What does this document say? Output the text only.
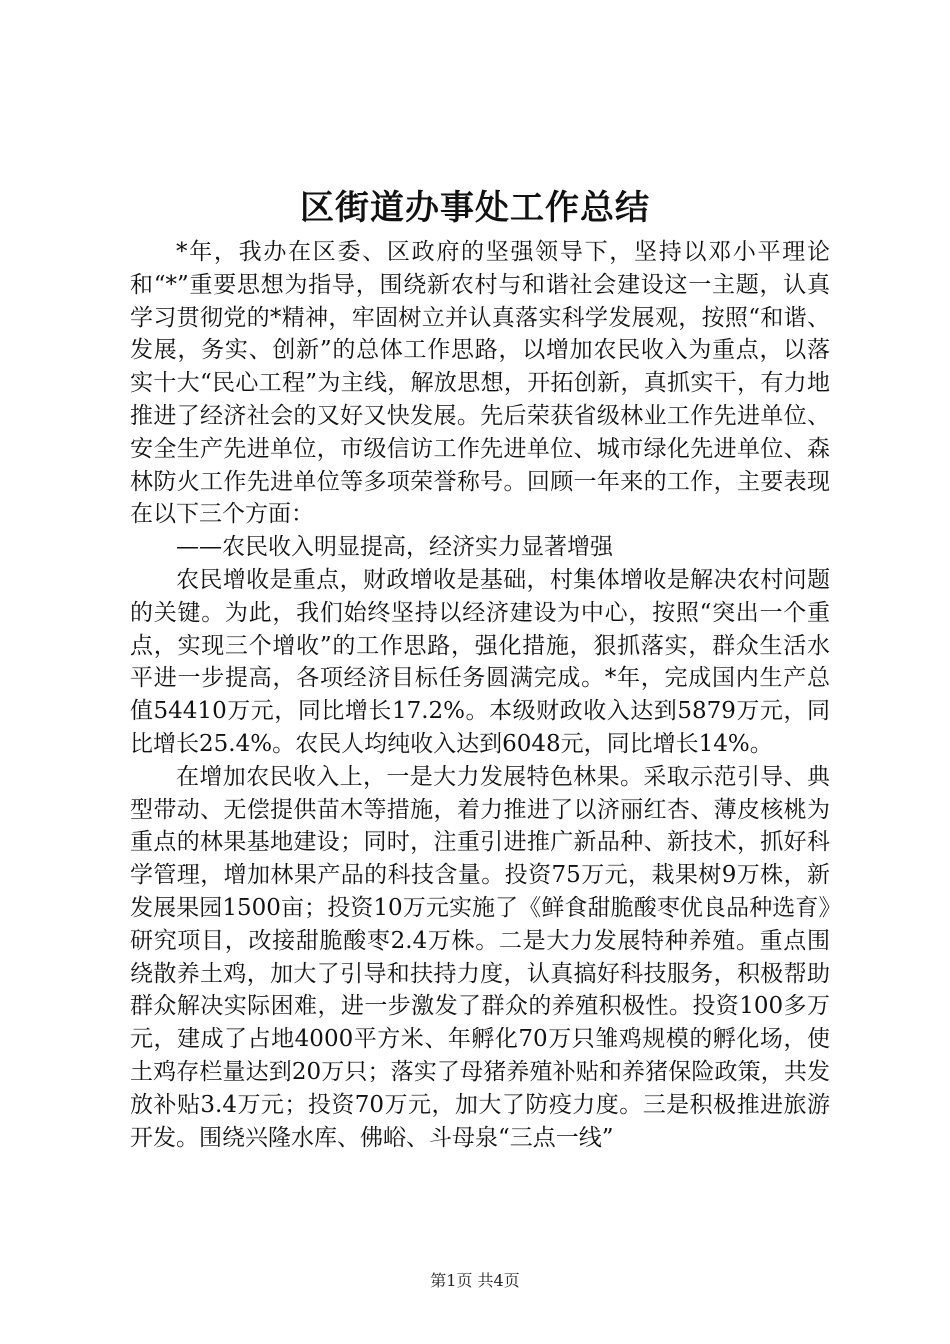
区街道办事处工作总结

*年，我办在区委、区政府的坚强领导下，坚持以邓小平理论和“*”重要思想为指导，围绕新农村与和谐社会建设这一主题，认真学习贯彻党的*精神，牢固树立并认真落实科学发展观，按照“和谐、发展，务实、创新”的总体工作思路，以增加农民收入为重点，以落实十大“民心工程”为主线，解放思想，开拓创新，真抓实干，有力地推进了经济社会的又好又快发展。先后荣获省级林业工作先进单位、安全生产先进单位，市级信访工作先进单位、城市绿化先进单位、森林防火工作先进单位等多项荣誉称号。回顾一年来的工作，主要表现在以下三个方面：

——农民收入明显提高，经济实力显著增强

农民增收是重点，财政增收是基础，村集体增收是解决农村问题的关键。为此，我们始终坚持以经济建设为中心，按照“突出一个重点，实现三个增收”的工作思路，强化措施，狠抓落实，群众生活水平进一步提高，各项经济目标任务圆满完成。*年，完成国内生产总值54410万元，同比增长17.2%。本级财政收入达到5879万元，同比增长25.4%。农民人均纯收入达到6048元，同比增长14%。

在增加农民收入上，一是大力发展特色林果。采取示范引导、典型带动、无偿提供苗木等措施，着力推进了以济丽红杏、薄皮核桃为重点的林果基地建设；同时，注重引进推广新品种、新技术，抓好科学管理，增加林果产品的科技含量。投资75万元，栽果树9万株，新发展果园1500亩；投资10万元实施了《鲜食甜脆酸枣优良品种选育》研究项目，改接甜脆酸枣2.4万株。二是大力发展特种养殖。重点围绕散养土鸡，加大了引导和扶持力度，认真搞好科技服务，积极帮助群众解决实际困难，进一步激发了群众的养殖积极性。投资100多万元，建成了占地4000平方米、年孵化70万只雏鸡规模的孵化场，使土鸡存栏量达到20万只；落实了母猪养殖补贴和养猪保险政策，共发放补贴3.4万元；投资70万元，加大了防疫力度。三是积极推进旅游开发。围绕兴隆水库、佛峪、斗母泉“三点一线”

第1页 共4页
